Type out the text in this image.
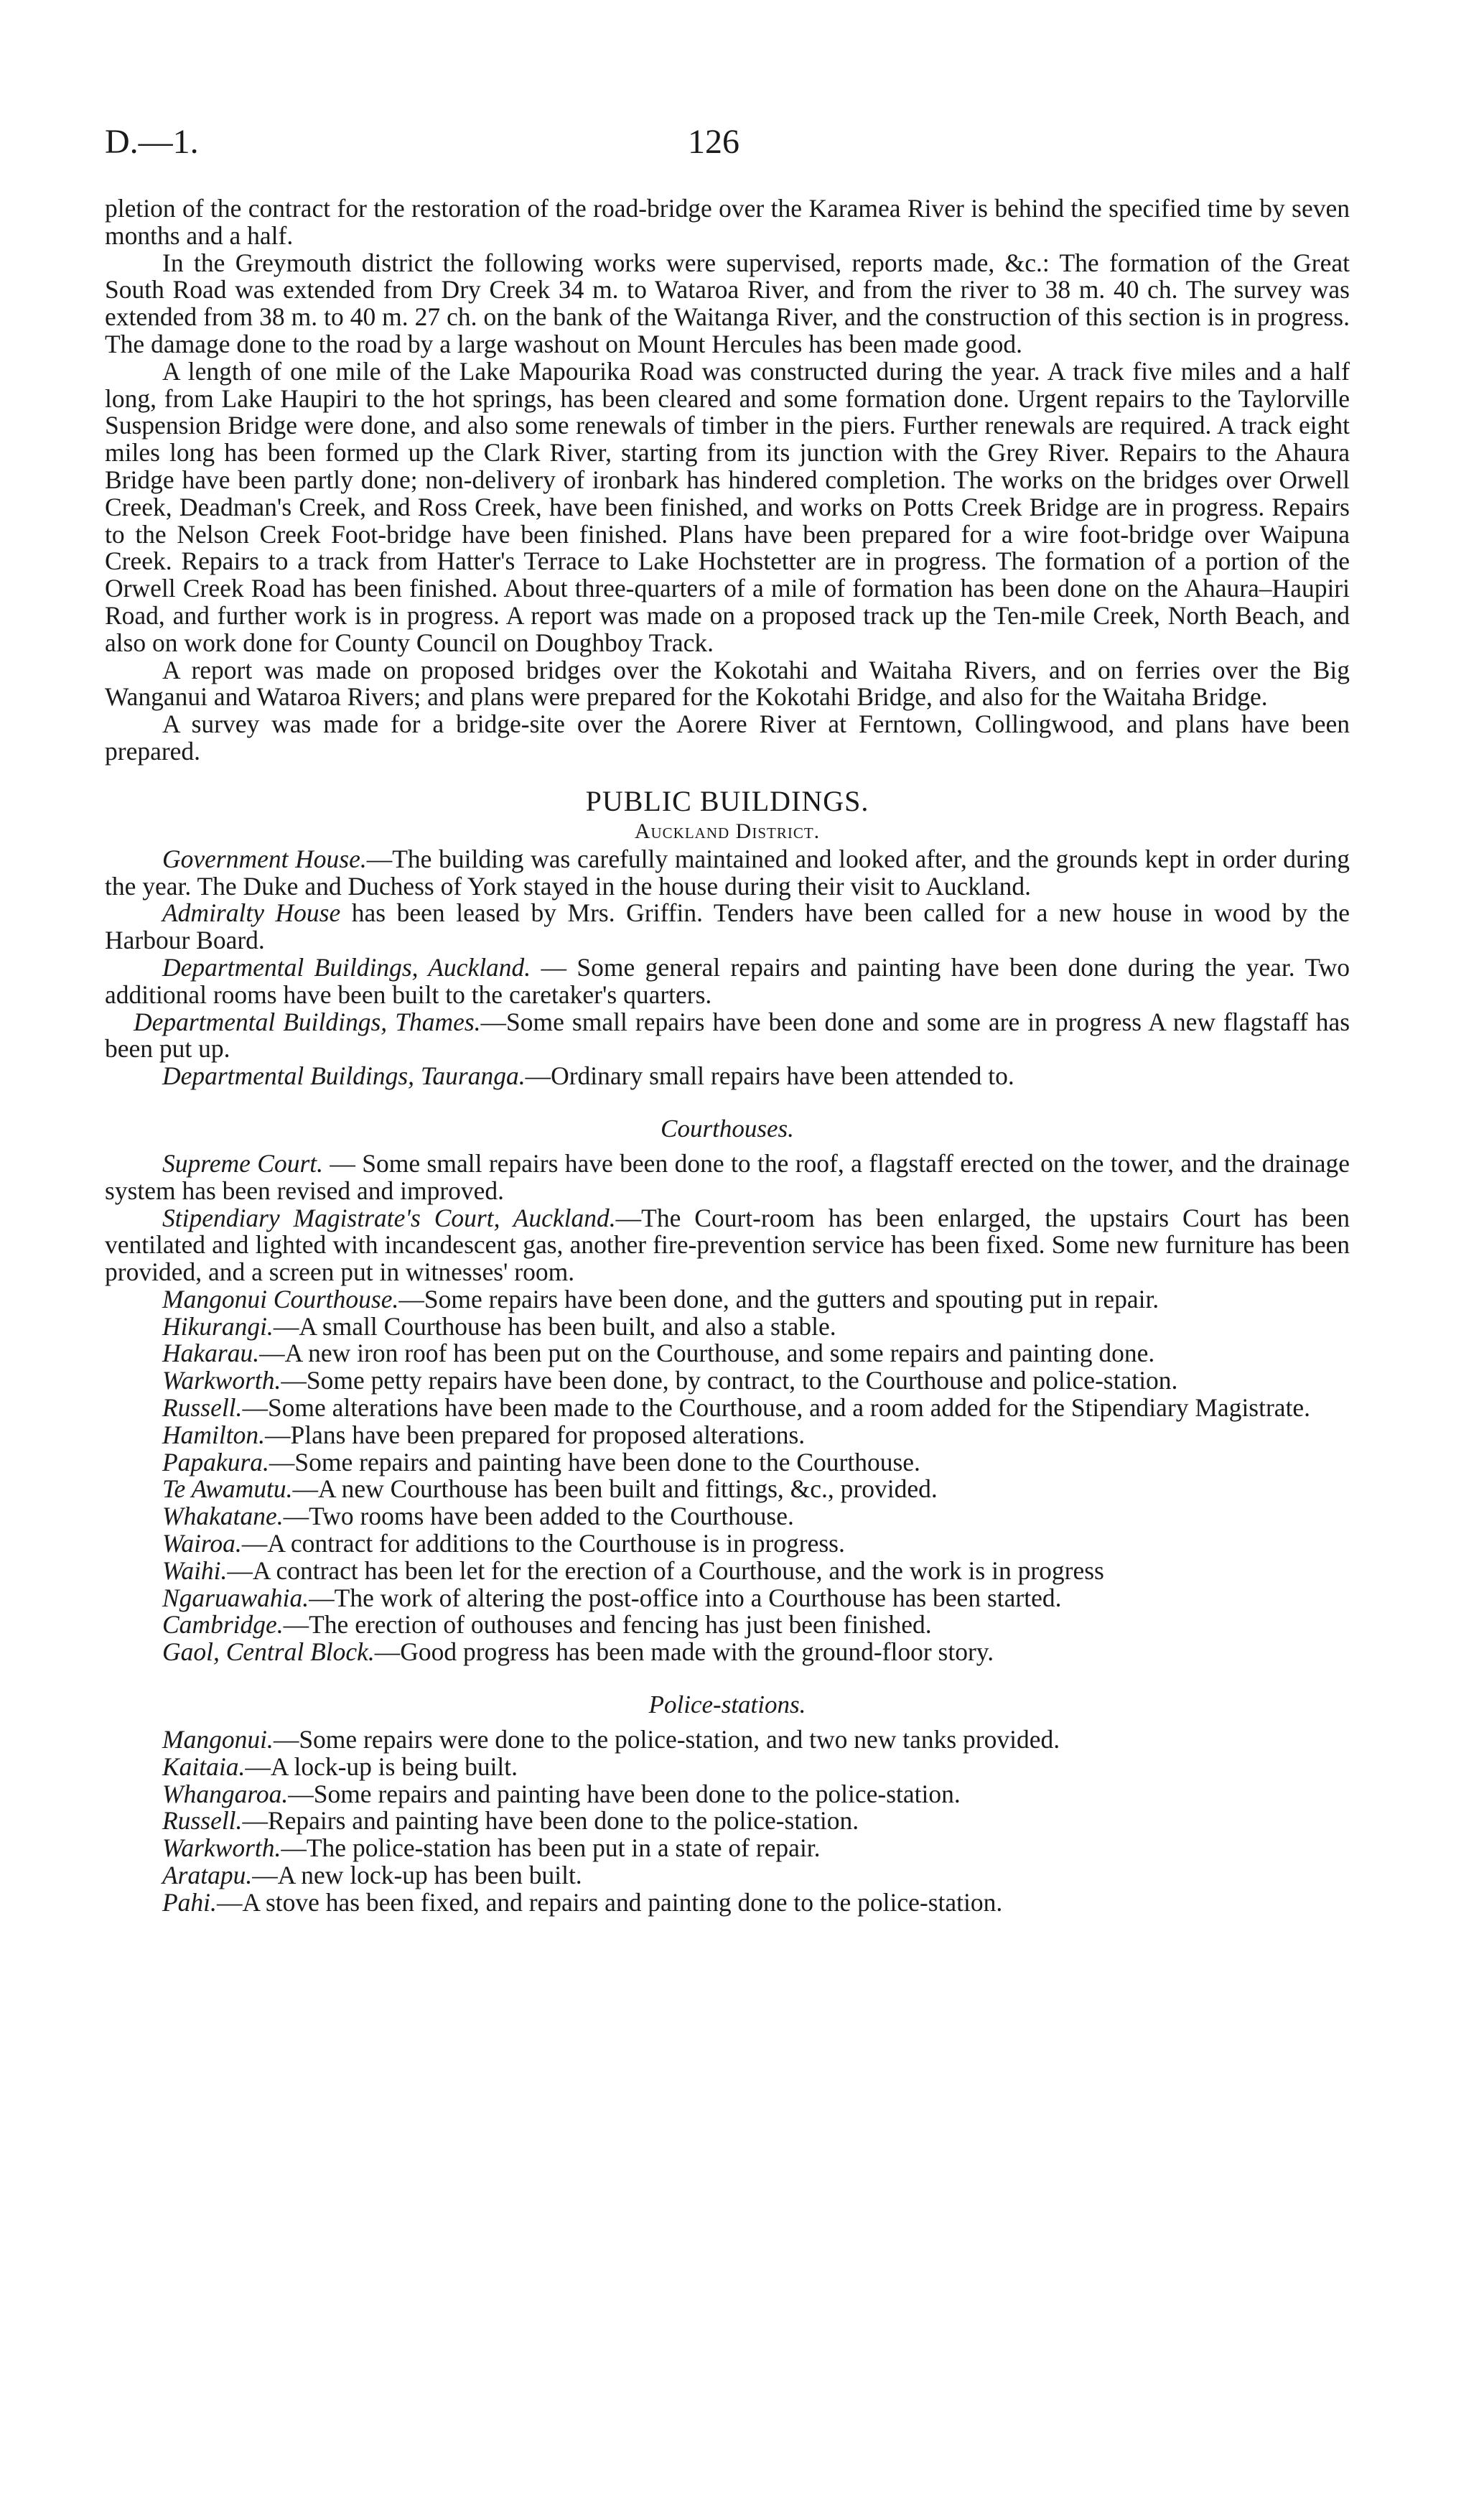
D.—1.	126

pletion of the contract for the restoration of the road-bridge over the Karamea River is behind the specified time by seven months and a half.

In the Greymouth district the following works were supervised, reports made, &c.: The formation of the Great South Road was extended from Dry Creek 34 m. to Wataroa River, and from the river to 38 m. 40 ch. The survey was extended from 38 m. to 40 m. 27 ch. on the bank of the Waitanga River, and the construction of this section is in progress. The damage done to the road by a large washout on Mount Hercules has been made good.

A length of one mile of the Lake Mapourika Road was constructed during the year. A track five miles and a half long, from Lake Haupiri to the hot springs, has been cleared and some formation done. Urgent repairs to the Taylorville Suspension Bridge were done, and also some renewals of timber in the piers. Further renewals are required. A track eight miles long has been formed up the Clark River, starting from its junction with the Grey River. Repairs to the Ahaura Bridge have been partly done; non-delivery of ironbark has hindered completion. The works on the bridges over Orwell Creek, Deadman's Creek, and Ross Creek, have been finished, and works on Potts Creek Bridge are in progress. Repairs to the Nelson Creek Foot-bridge have been finished. Plans have been prepared for a wire foot-bridge over Waipuna Creek. Repairs to a track from Hatter's Terrace to Lake Hochstetter are in progress. The formation of a portion of the Orwell Creek Road has been finished. About three-quarters of a mile of formation has been done on the Ahaura–Haupiri Road, and further work is in progress. A report was made on a proposed track up the Ten-mile Creek, North Beach, and also on work done for County Council on Doughboy Track.

A report was made on proposed bridges over the Kokotahi and Waitaha Rivers, and on ferries over the Big Wanganui and Wataroa Rivers; and plans were prepared for the Kokotahi Bridge, and also for the Waitaha Bridge.

A survey was made for a bridge-site over the Aorere River at Ferntown, Collingwood, and plans have been prepared.

PUBLIC BUILDINGS.

Auckland District.

Government House.—The building was carefully maintained and looked after, and the grounds kept in order during the year. The Duke and Duchess of York stayed in the house during their visit to Auckland.

Admiralty House has been leased by Mrs. Griffin. Tenders have been called for a new house in wood by the Harbour Board.

Departmental Buildings, Auckland. — Some general repairs and painting have been done during the year. Two additional rooms have been built to the caretaker's quarters.

Departmental Buildings, Thames.—Some small repairs have been done and some are in progress A new flagstaff has been put up.

Departmental Buildings, Tauranga.—Ordinary small repairs have been attended to.

Courthouses.

Supreme Court. — Some small repairs have been done to the roof, a flagstaff erected on the tower, and the drainage system has been revised and improved.

Stipendiary Magistrate's Court, Auckland.—The Court-room has been enlarged, the upstairs Court has been ventilated and lighted with incandescent gas, another fire-prevention service has been fixed. Some new furniture has been provided, and a screen put in witnesses' room.

Mangonui Courthouse.—Some repairs have been done, and the gutters and spouting put in repair.

Hikurangi.—A small Courthouse has been built, and also a stable.

Hakarau.—A new iron roof has been put on the Courthouse, and some repairs and painting done.

Warkworth.—Some petty repairs have been done, by contract, to the Courthouse and police-station.

Russell.—Some alterations have been made to the Courthouse, and a room added for the Stipendiary Magistrate.

Hamilton.—Plans have been prepared for proposed alterations.

Papakura.—Some repairs and painting have been done to the Courthouse.

Te Awamutu.—A new Courthouse has been built and fittings, &c., provided.

Whakatane.—Two rooms have been added to the Courthouse.

Wairoa.—A contract for additions to the Courthouse is in progress.

Waihi.—A contract has been let for the erection of a Courthouse, and the work is in progress

Ngaruawahia.—The work of altering the post-office into a Courthouse has been started.

Cambridge.—The erection of outhouses and fencing has just been finished.

Gaol, Central Block.—Good progress has been made with the ground-floor story.

Police-stations.

Mangonui.—Some repairs were done to the police-station, and two new tanks provided.

Kaitaia.—A lock-up is being built.

Whangaroa.—Some repairs and painting have been done to the police-station.

Russell.—Repairs and painting have been done to the police-station.

Warkworth.—The police-station has been put in a state of repair.

Aratapu.—A new lock-up has been built.

Pahi.—A stove has been fixed, and repairs and painting done to the police-station.
